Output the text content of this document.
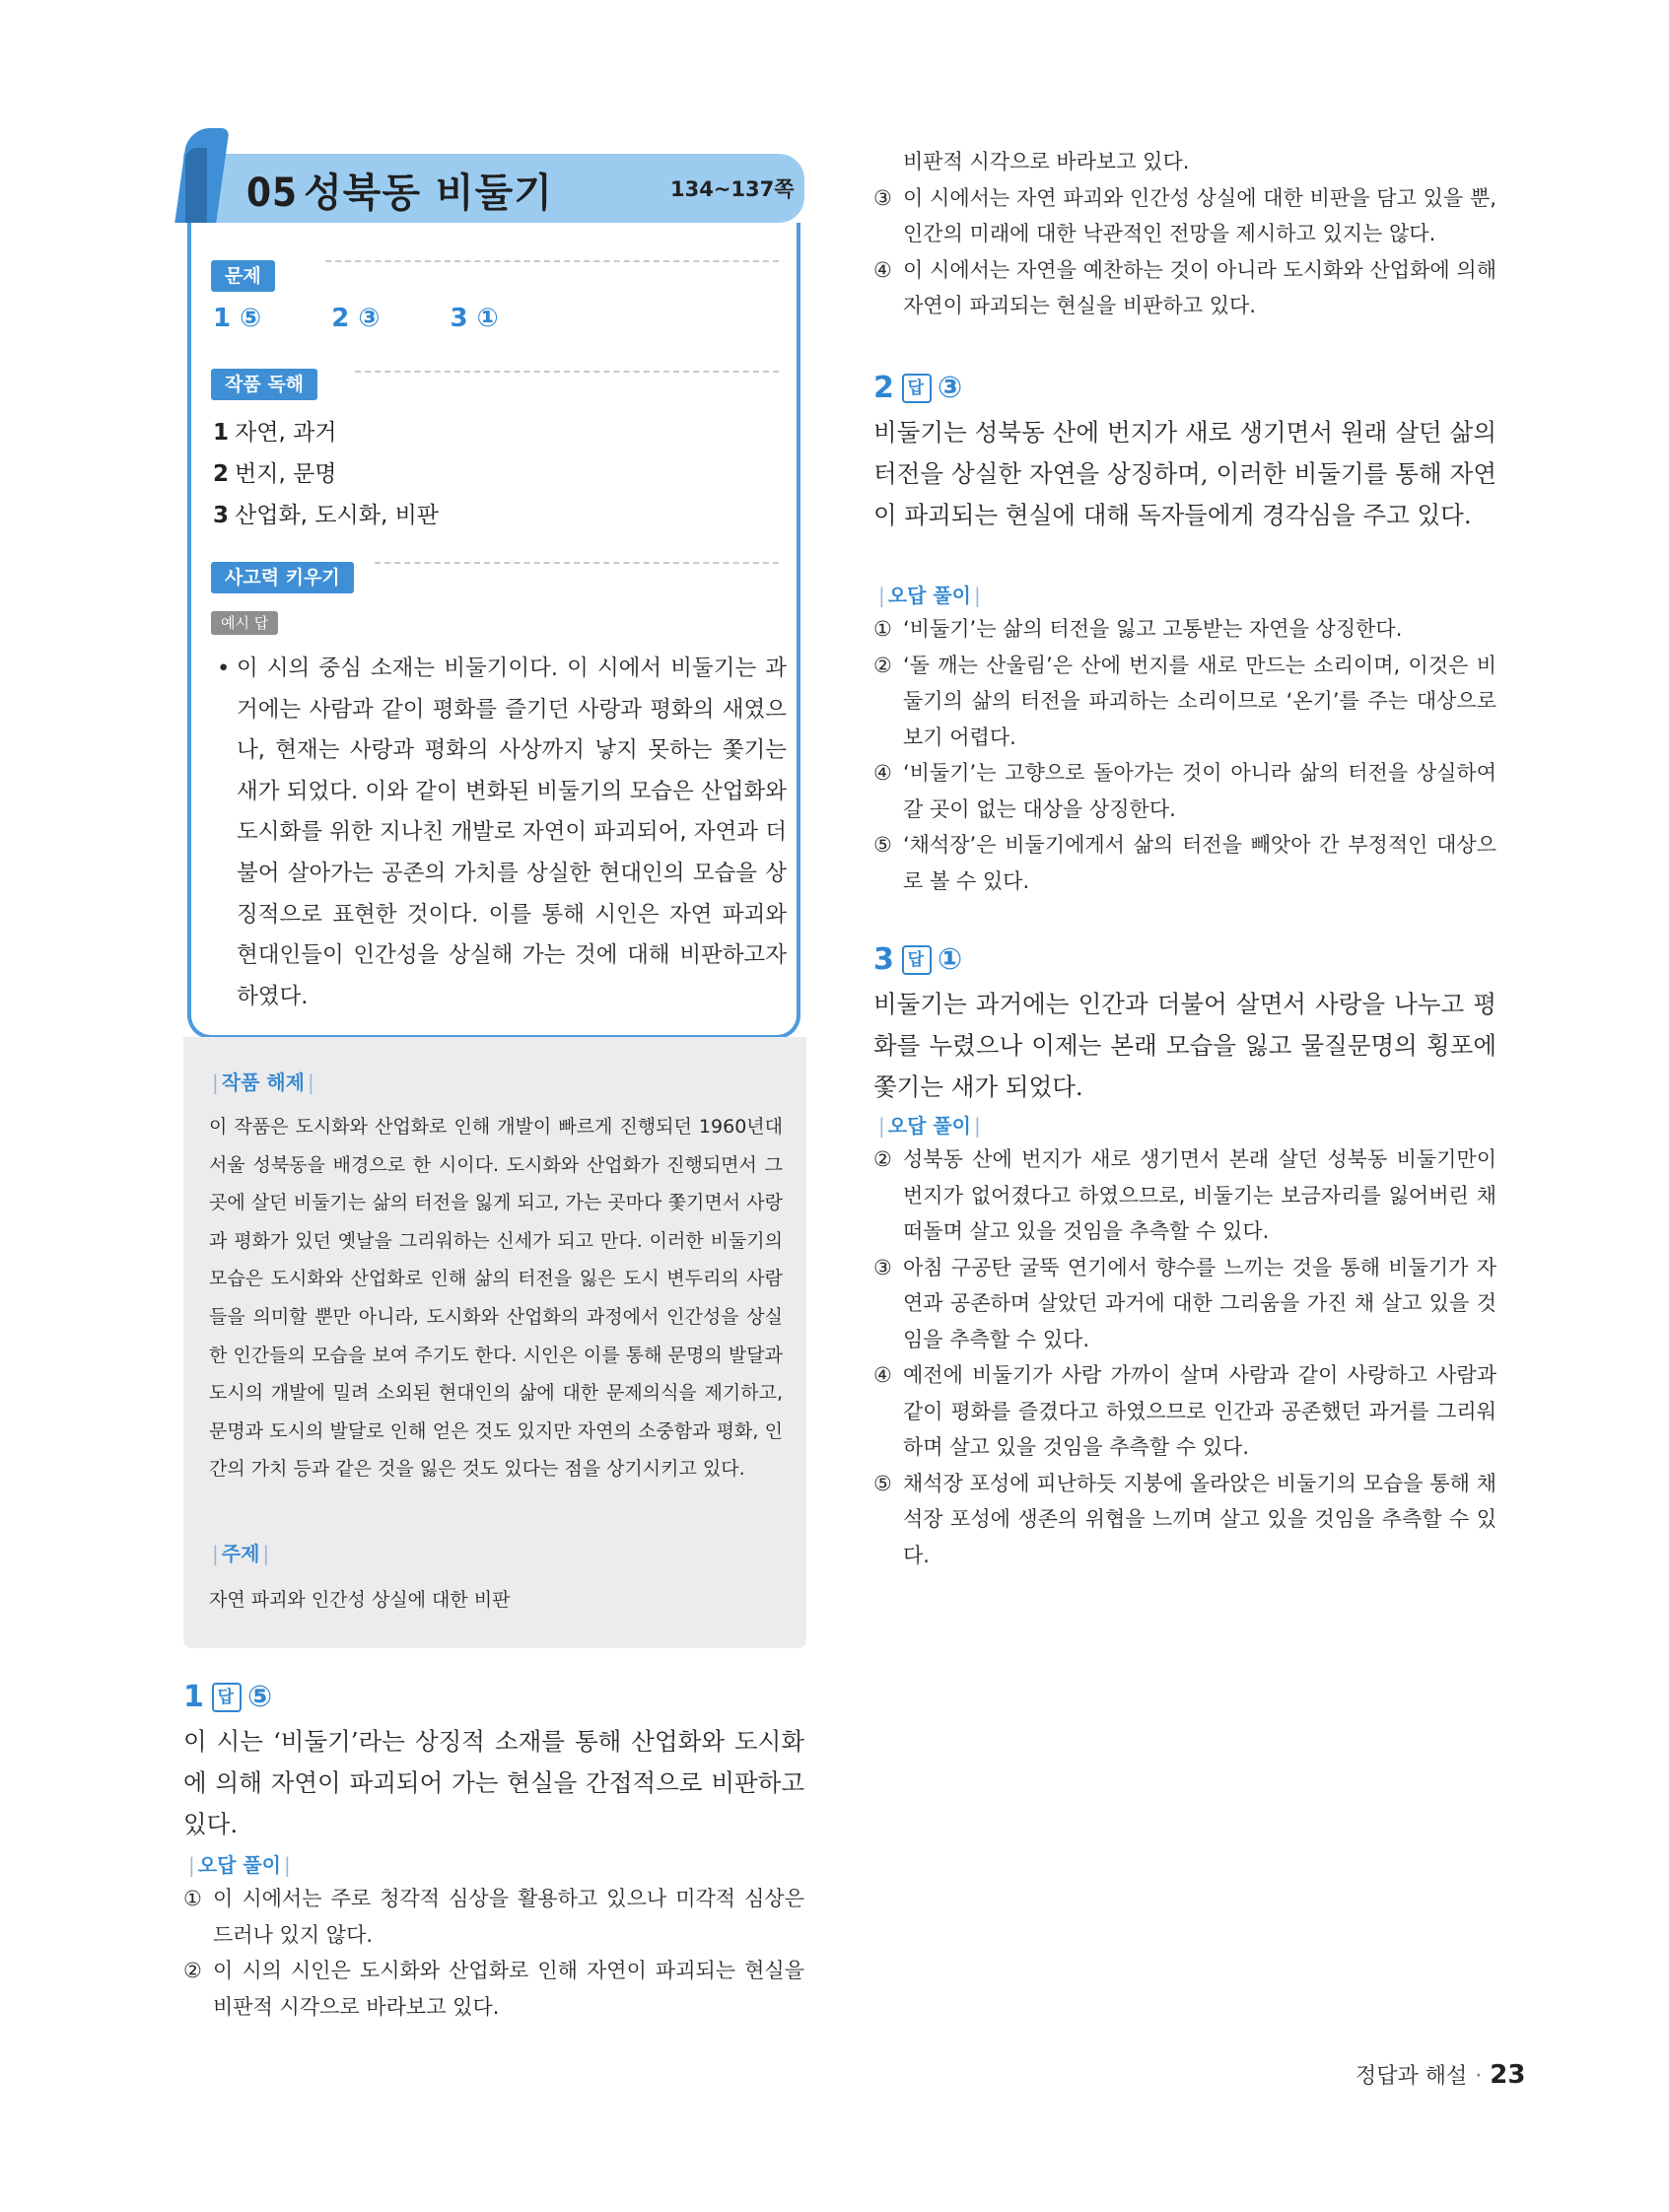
05 성북동 비둘기	134~137쪽
문제
1 ⑤	2 ③	3 ①
작품 독해
1 자연, 과거
2 번지, 문명
3 산업화, 도시화, 비판
사고력 키우기
예시 답
• 이 시의 중심 소재는 비둘기이다. 이 시에서 비둘기는 과거에는 사람과 같이 평화를 즐기던 사랑과 평화의 새였으나, 현재는 사랑과 평화의 사상까지 낳지 못하는 쫓기는 새가 되었다. 이와 같이 변화된 비둘기의 모습은 산업화와 도시화를 위한 지나친 개발로 자연이 파괴되어, 자연과 더불어 살아가는 공존의 가치를 상실한 현대인의 모습을 상징적으로 표현한 것이다. 이를 통해 시인은 자연 파괴와 현대인들이 인간성을 상실해 가는 것에 대해 비판하고자 하였다.
| 작품 해제 |
이 작품은 도시화와 산업화로 인해 개발이 빠르게 진행되던 1960년대 서울 성북동을 배경으로 한 시이다. 도시화와 산업화가 진행되면서 그곳에 살던 비둘기는 삶의 터전을 잃게 되고, 가는 곳마다 쫓기면서 사랑과 평화가 있던 옛날을 그리워하는 신세가 되고 만다. 이러한 비둘기의 모습은 도시화와 산업화로 인해 삶의 터전을 잃은 도시 변두리의 사람들을 의미할 뿐만 아니라, 도시화와 산업화의 과정에서 인간성을 상실한 인간들의 모습을 보여 주기도 한다. 시인은 이를 통해 문명의 발달과 도시의 개발에 밀려 소외된 현대인의 삶에 대한 문제의식을 제기하고, 문명과 도시의 발달로 인해 얻은 것도 있지만 자연의 소중함과 평화, 인간의 가치 등과 같은 것을 잃은 것도 있다는 점을 상기시키고 있다.
| 주제 |
자연 파괴와 인간성 상실에 대한 비판
1 답 ⑤
이 시는 ‘비둘기’라는 상징적 소재를 통해 산업화와 도시화에 의해 자연이 파괴되어 가는 현실을 간접적으로 비판하고 있다.
| 오답 풀이 |
① 이 시에서는 주로 청각적 심상을 활용하고 있으나 미각적 심상은 드러나 있지 않다.
② 이 시의 시인은 도시화와 산업화로 인해 자연이 파괴되는 현실을 비판적 시각으로 바라보고 있다.
비판적 시각으로 바라보고 있다.
③ 이 시에서는 자연 파괴와 인간성 상실에 대한 비판을 담고 있을 뿐, 인간의 미래에 대한 낙관적인 전망을 제시하고 있지는 않다.
④ 이 시에서는 자연을 예찬하는 것이 아니라 도시화와 산업화에 의해 자연이 파괴되는 현실을 비판하고 있다.
2 답 ③
비둘기는 성북동 산에 번지가 새로 생기면서 원래 살던 삶의 터전을 상실한 자연을 상징하며, 이러한 비둘기를 통해 자연이 파괴되는 현실에 대해 독자들에게 경각심을 주고 있다.
| 오답 풀이 |
① ‘비둘기’는 삶의 터전을 잃고 고통받는 자연을 상징한다.
② ‘돌 깨는 산울림’은 산에 번지를 새로 만드는 소리이며, 이것은 비둘기의 삶의 터전을 파괴하는 소리이므로 ‘온기’를 주는 대상으로 보기 어렵다.
④ ‘비둘기’는 고향으로 돌아가는 것이 아니라 삶의 터전을 상실하여 갈 곳이 없는 대상을 상징한다.
⑤ ‘채석장’은 비둘기에게서 삶의 터전을 빼앗아 간 부정적인 대상으로 볼 수 있다.
3 답 ①
비둘기는 과거에는 인간과 더불어 살면서 사랑을 나누고 평화를 누렸으나 이제는 본래 모습을 잃고 물질문명의 횡포에 쫓기는 새가 되었다.
| 오답 풀이 |
② 성북동 산에 번지가 새로 생기면서 본래 살던 성북동 비둘기만이 번지가 없어졌다고 하였으므로, 비둘기는 보금자리를 잃어버린 채 떠돌며 살고 있을 것임을 추측할 수 있다.
③ 아침 구공탄 굴뚝 연기에서 향수를 느끼는 것을 통해 비둘기가 자연과 공존하며 살았던 과거에 대한 그리움을 가진 채 살고 있을 것임을 추측할 수 있다.
④ 예전에 비둘기가 사람 가까이 살며 사람과 같이 사랑하고 사람과 같이 평화를 즐겼다고 하였으므로 인간과 공존했던 과거를 그리워하며 살고 있을 것임을 추측할 수 있다.
⑤ 채석장 포성에 피난하듯 지붕에 올라앉은 비둘기의 모습을 통해 채석장 포성에 생존의 위협을 느끼며 살고 있을 것임을 추측할 수 있다.
정답과 해설 · 23
